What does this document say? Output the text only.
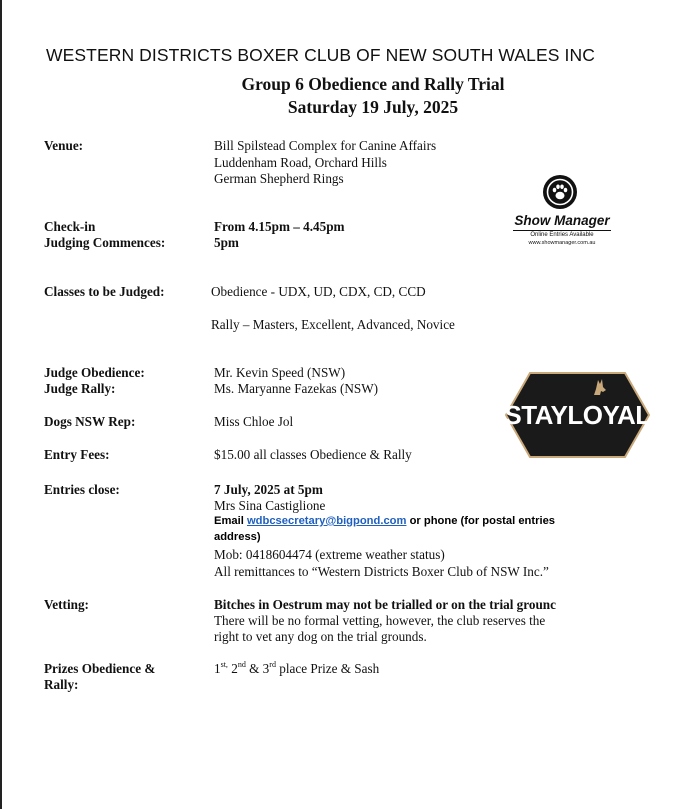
WESTERN DISTRICTS BOXER CLUB OF NEW SOUTH WALES INC
Group 6 Obedience and Rally Trial
Saturday 19 July, 2025
Venue:	Bill Spilstead Complex for Canine Affairs
Luddenham Road, Orchard Hills
German Shepherd Rings
Check-in	From 4.15pm – 4.45pm
Judging Commences:	5pm
Classes to be Judged:	Obedience - UDX, UD, CDX, CD, CCD
Rally – Masters, Excellent, Advanced, Novice
Judge Obedience:	Mr. Kevin Speed (NSW)
Judge Rally:	Ms. Maryanne Fazekas (NSW)
Dogs NSW Rep:	Miss Chloe Jol
Entry Fees:	$15.00 all classes Obedience & Rally
Entries close:	7 July, 2025 at 5pm
Mrs Sina Castiglione
Email wdbcsecretary@bigpond.com or phone (for postal entries
address)
Mob: 0418604474 (extreme weather status)
All remittances to “Western Districts Boxer Club of NSW Inc.”
Vetting:	Bitches in Oestrum may not be trialled or on the trial grounc
There will be no formal vetting, however, the club reserves the
right to vet any dog on the trial grounds.
Prizes Obedience &
Rally:
$1^{st,}$ 2nd & 3rd place Prize & Sash
Show Manager
Online Entries Available
www.showmanager.com.au
STAYLOYAL
